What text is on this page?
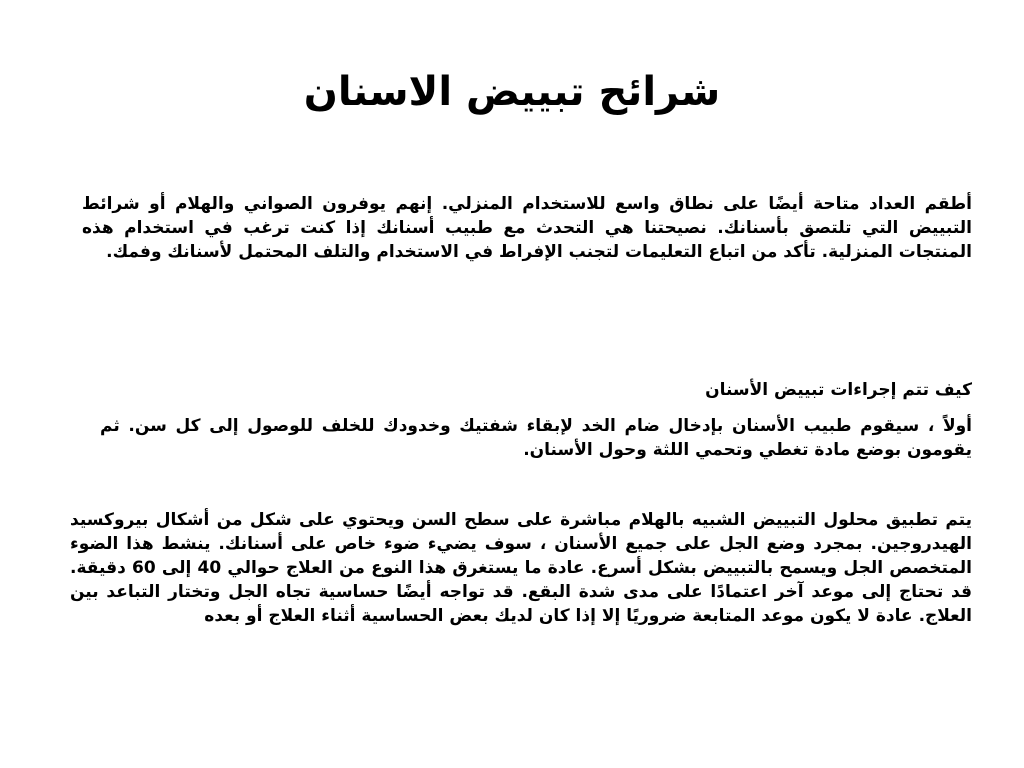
شرائح تبييض الاسنان

أطقم العداد متاحة أيضًا على نطاق واسع للاستخدام المنزلي. إنهم يوفرون الصواني والهلام أو شرائط التبييض التي تلتصق بأسنانك. نصيحتنا هي التحدث مع طبيب أسنانك إذا كنت ترغب في استخدام هذه المنتجات المنزلية. تأكد من اتباع التعليمات لتجنب الإفراط في الاستخدام والتلف المحتمل لأسنانك وفمك.

كيف تتم إجراءات تبييض الأسنان

أولاً ، سيقوم طبيب الأسنان بإدخال ضام الخد لإبقاء شفتيك وخدودك للخلف للوصول إلى كل سن. ثم يقومون بوضع مادة تغطي وتحمي اللثة وحول الأسنان.

يتم تطبيق محلول التبييض الشبيه بالهلام مباشرة على سطح السن ويحتوي على شكل من أشكال بيروكسيد الهيدروجين. بمجرد وضع الجل على جميع الأسنان ، سوف يضيء ضوء خاص على أسنانك. ينشط هذا الضوء المتخصص الجل ويسمح بالتبييض بشكل أسرع. عادة ما يستغرق هذا النوع من العلاج حوالي 40 إلى 60 دقيقة. قد تحتاج إلى موعد آخر اعتمادًا على مدى شدة البقع. قد تواجه أيضًا حساسية تجاه الجل وتختار التباعد بين العلاج. عادة لا يكون موعد المتابعة ضروريًا إلا إذا كان لديك بعض الحساسية أثناء العلاج أو بعده
